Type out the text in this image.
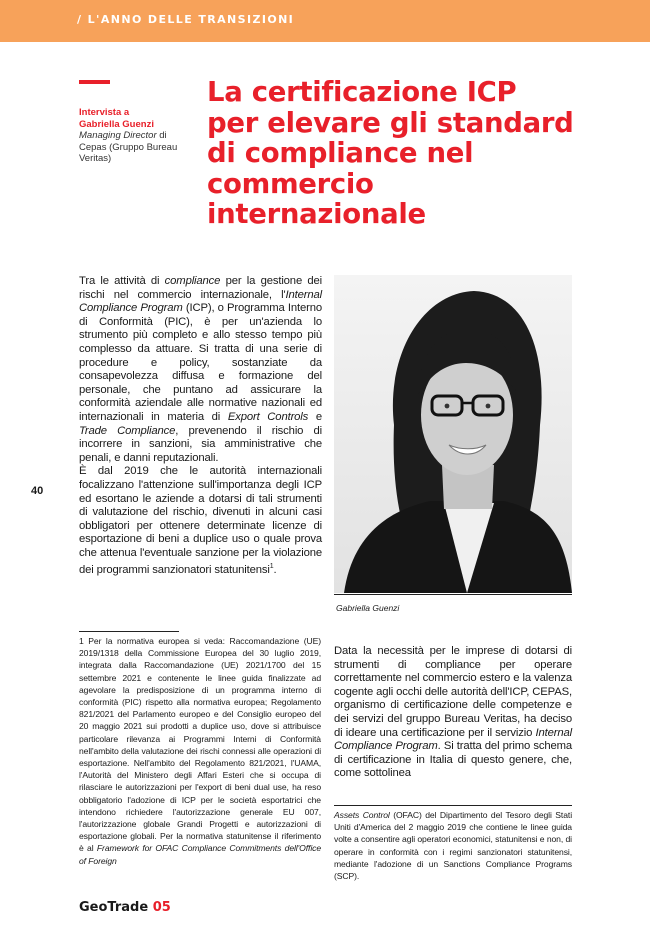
/ L'ANNO DELLE TRANSIZIONI
Intervista a
Gabriella Guenzi
Managing Director di
Cepas (Gruppo Bureau Veritas)
La certificazione ICP
per elevare gli standard
di compliance nel
commercio
internazionale
40

Tra le attività di compliance per la gestione dei rischi nel commercio internazionale, l'Internal Compliance Program (ICP), o Programma Interno di Conformità (PIC), è per un'azienda lo strumento più completo e allo stesso tempo più complesso da attuare. Si tratta di una serie di procedure e policy, sostanziate da consapevolezza diffusa e formazione del personale, che puntano ad assicurare la conformità aziendale alle normative nazionali ed internazionali in materia di Export Controls e Trade Compliance, prevenendo il rischio di incorrere in sanzioni, sia amministrative che penali, e danni reputazionali.

È dal 2019 che le autorità internazionali focalizzano l'attenzione sull'importanza degli ICP ed esortano le aziende a dotarsi di tali strumenti di valutazione del rischio, divenuti in alcuni casi obbligatori per ottenere determinate licenze di esportazione di beni a duplice uso o quale prova che attenua l'eventuale sanzione per la violazione dei programmi sanzionatori statunitensi$^1$.

Gabriella Guenzi

1 Per la normativa europea si veda: Raccomandazione (UE) 2019/1318 della Commissione Europea del 30 luglio 2019, integrata dalla Raccomandazione (UE) 2021/1700 del 15 settembre 2021 e contenente le linee guida finalizzate ad agevolare la predisposizione di un programma interno di conformità (PIC) rispetto alla normativa europea; Regolamento 821/2021 del Parlamento europeo e del Consiglio europeo del 20 maggio 2021 sui prodotti a duplice uso, dove si attribuisce particolare rilevanza ai Programmi Interni di Conformità nell'ambito della valutazione dei rischi connessi alle operazioni di esportazione. Nell'ambito del Regolamento 821/2021, l'UAMA, l'Autorità del Ministero degli Affari Esteri che si occupa di rilasciare le autorizzazioni per l'export di beni dual use, ha reso obbligatorio l'adozione di ICP per le società esportatrici che intendono richiedere l'autorizzazione generale EU 007, l'autorizzazione globale Grandi Progetti e autorizzazioni di esportazione globali. Per la normativa statunitense il riferimento è al Framework for OFAC Compliance Commitments dell'Office of Foreign

Data la necessità per le imprese di dotarsi di strumenti di compliance per operare correttamente nel commercio estero e la valenza cogente agli occhi delle autorità dell'ICP, CEPAS, organismo di certificazione delle competenze e dei servizi del gruppo Bureau Veritas, ha deciso di ideare una certificazione per il servizio Internal Compliance Program. Si tratta del primo schema di certificazione in Italia di questo genere, che, come sottolinea

Assets Control (OFAC) del Dipartimento del Tesoro degli Stati Uniti d'America del 2 maggio 2019 che contiene le linee guida volte a consentire agli operatori economici, statunitensi e non, di operare in conformità con i regimi sanzionatori statunitensi, mediante l'adozione di un Sanctions Compliance Programs (SCP).

GeoTrade 05
